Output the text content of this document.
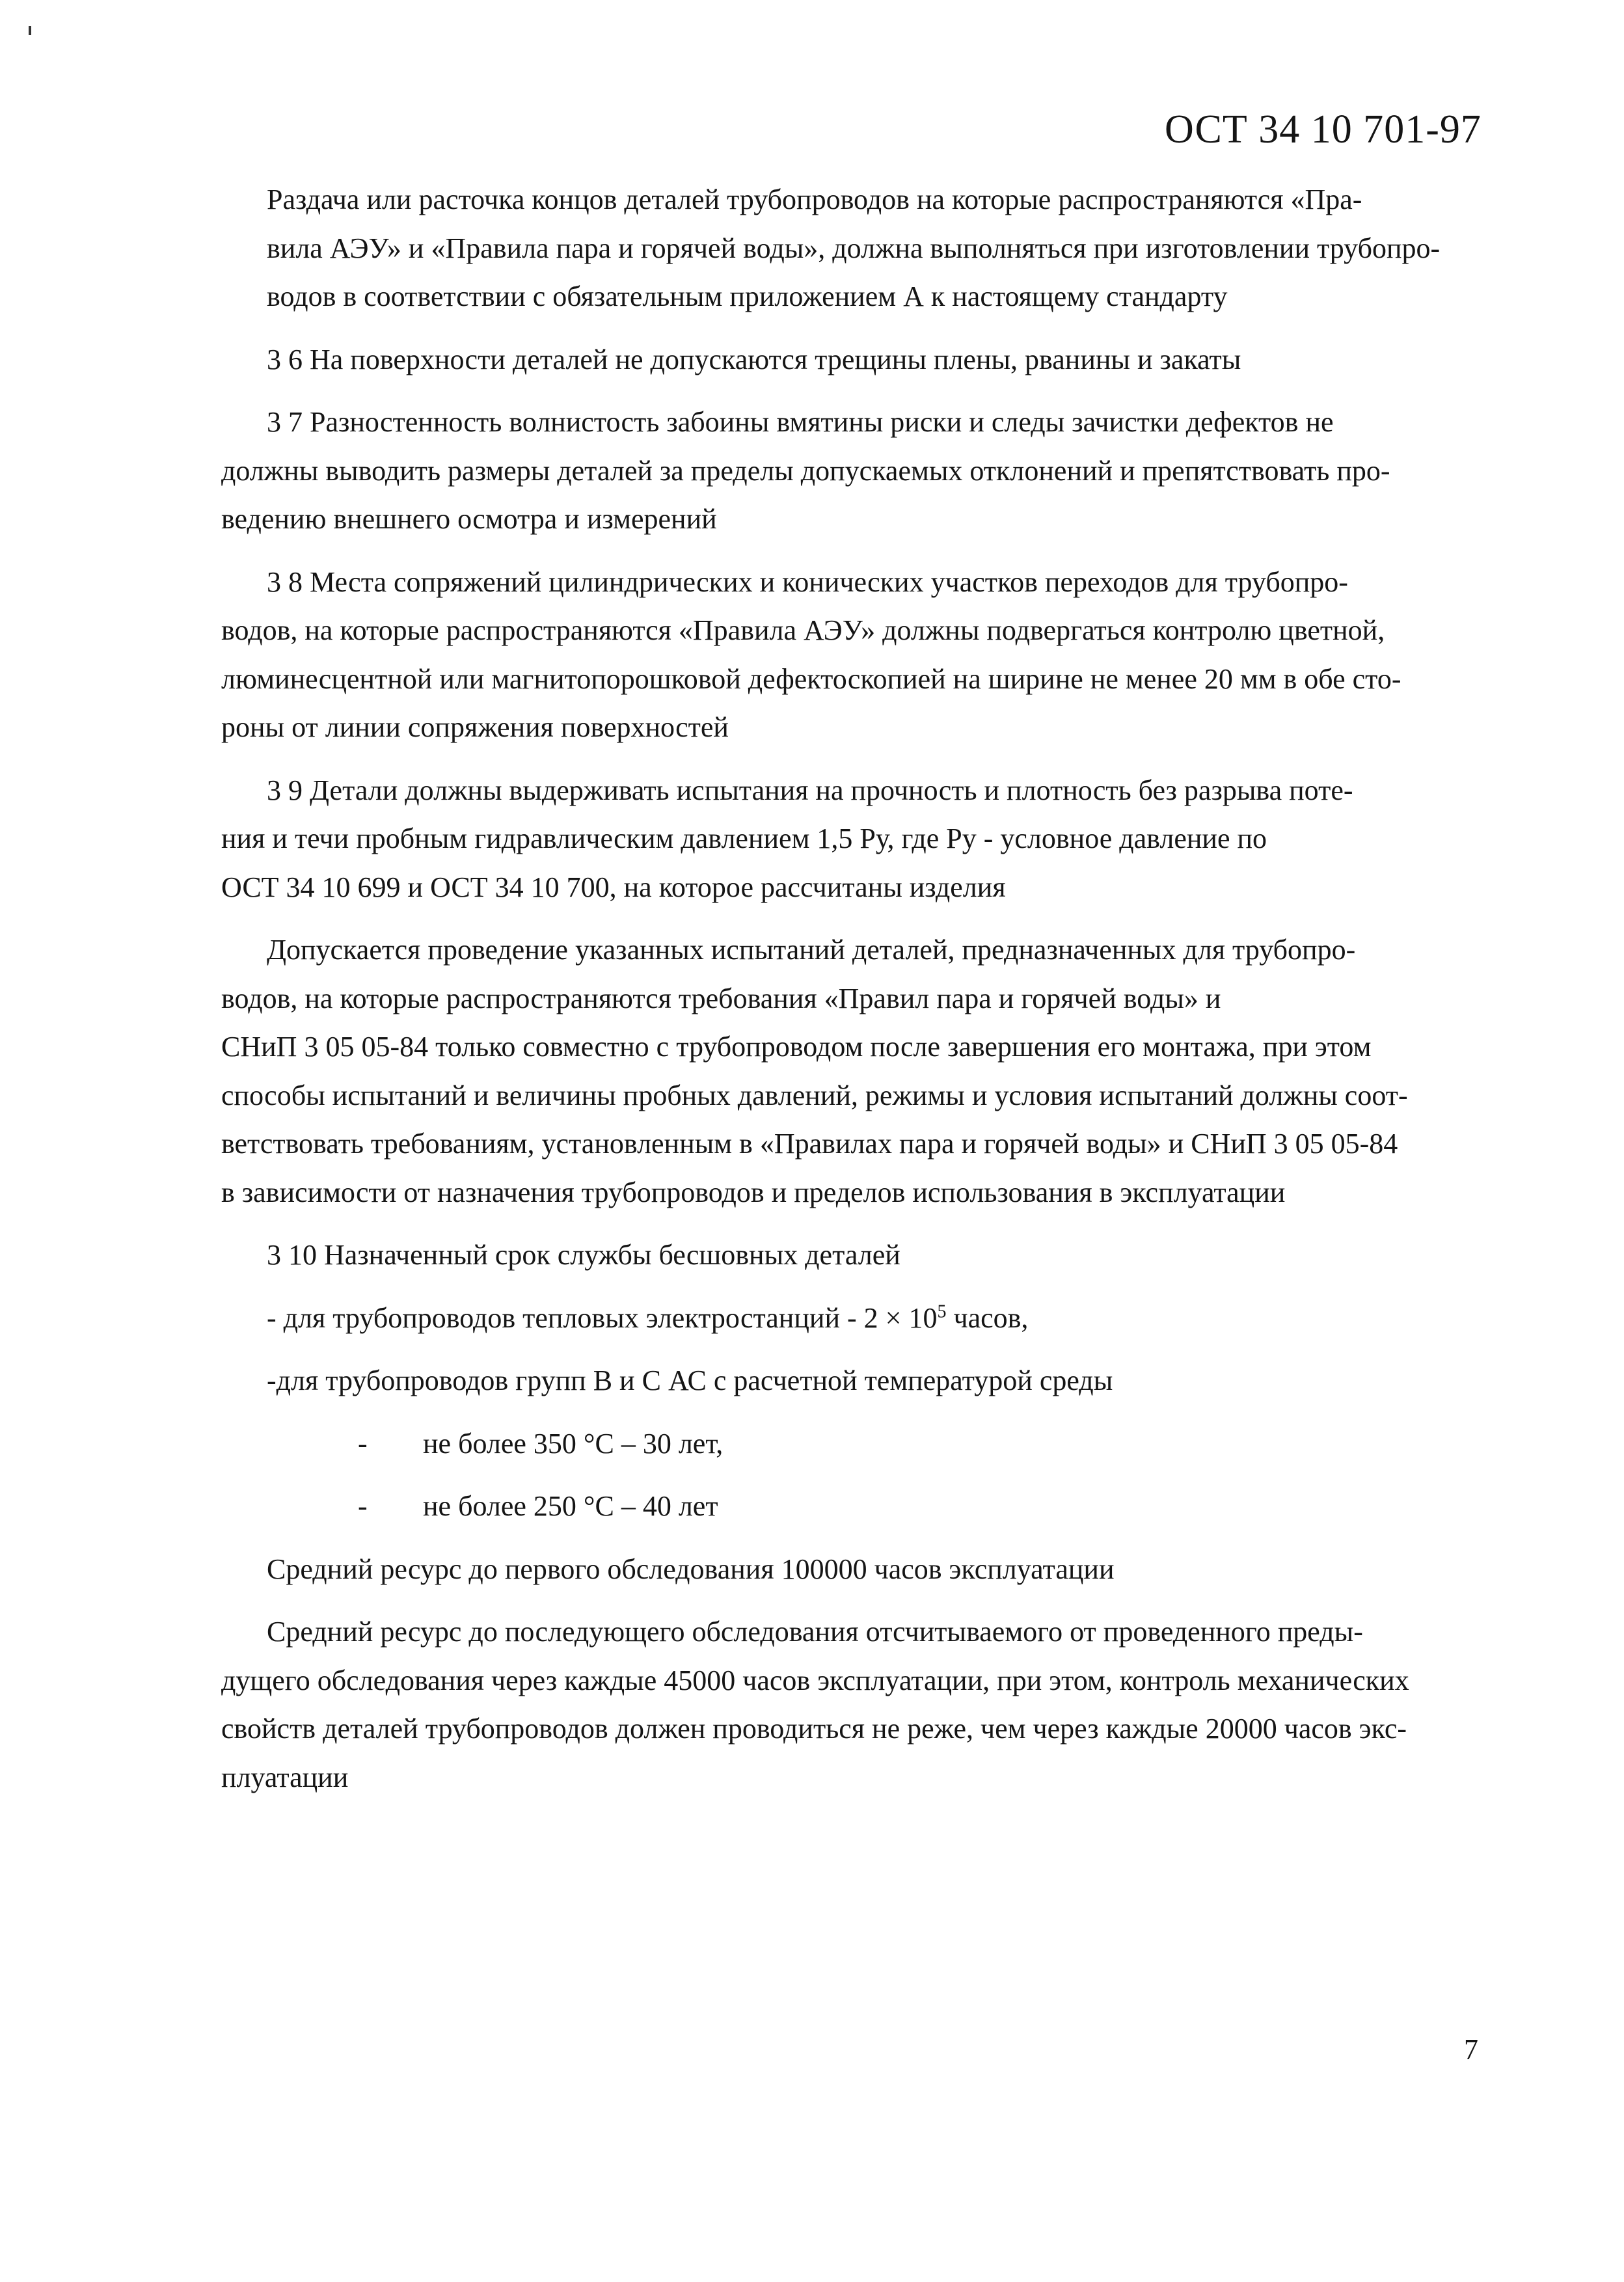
ОСТ 34 10 701-97
Раздача или расточка концов деталей трубопроводов на которые распространяются «Пра-
вила АЭУ» и «Правила пара и горячей воды», должна выполняться при изготовлении трубопро-
водов в соответствии с обязательным приложением А к настоящему стандарту
3 6 На поверхности деталей не допускаются трещины плены, рванины и закаты
3 7 Разностенность волнистость забоины вмятины риски и следы зачистки дефектов не
должны выводить размеры деталей за пределы допускаемых отклонений и препятствовать про-
ведению внешнего осмотра и измерений
3 8 Места сопряжений цилиндрических и конических участков переходов для трубопро-
водов, на которые распространяются «Правила АЭУ» должны подвергаться контролю цветной,
люминесцентной или магнитопорошковой дефектоскопией на ширине не менее 20 мм в обе сто-
роны от линии сопряжения поверхностей
3 9 Детали должны выдерживать испытания на прочность и плотность без разрыва поте-
ния и течи пробным гидравлическим давлением 1,5 Ру, где Ру - условное давление по
ОСТ 34 10 699 и ОСТ 34 10 700, на которое рассчитаны изделия
Допускается проведение указанных испытаний деталей, предназначенных для трубопро-
водов, на которые распространяются требования «Правил пара и горячей воды» и
СНиП 3 05 05-84 только совместно с трубопроводом после завершения его монтажа, при этом
способы испытаний и величины пробных давлений, режимы и условия испытаний должны соот-
ветствовать требованиям, установленным в «Правилах пара и горячей воды» и СНиП 3 05 05-84
в зависимости от назначения трубопроводов и пределов использования в эксплуатации
3 10 Назначенный срок службы бесшовных деталей
- для трубопроводов тепловых электростанций - $2 \times 10^5$ часов,
-для трубопроводов групп В и С АС с расчетной температурой среды
- не более 350 °С – 30 лет,
- не более 250 °С – 40 лет
Средний ресурс до первого обследования 100000 часов эксплуатации
Средний ресурс до последующего обследования отсчитываемого от проведенного преды-
дущего обследования через каждые 45000 часов эксплуатации, при этом, контроль механических
свойств деталей трубопроводов должен проводиться не реже, чем через каждые 20000 часов экс-
плуатации
7
